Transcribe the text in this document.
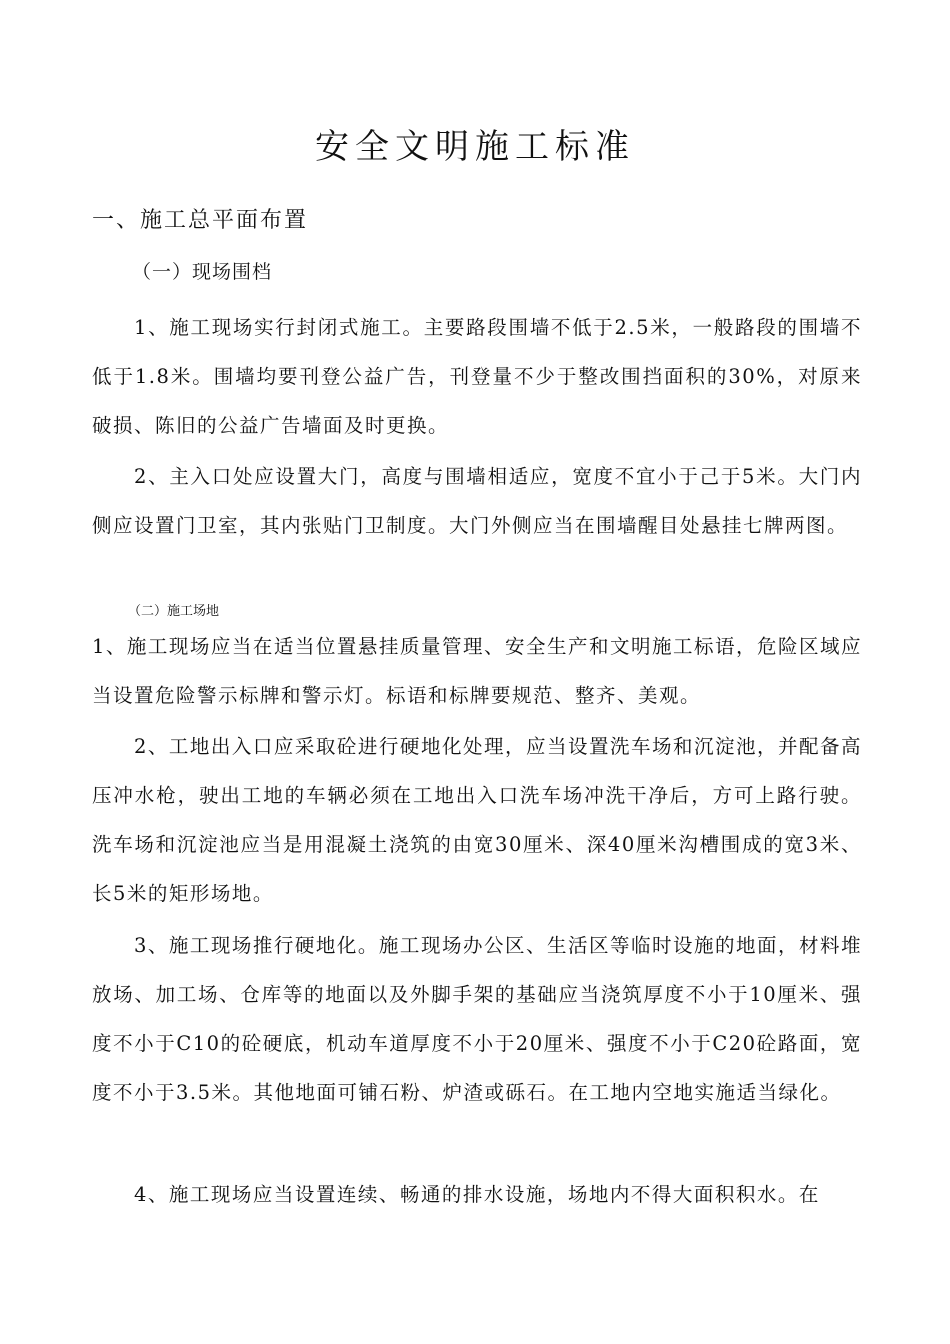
安全文明施工标准
一、施工总平面布置
（一）现场围档

1、施工现场实行封闭式施工。主要路段围墙不低于2.5米，一般路段的围墙不低于1.8米。围墙均要刊登公益广告，刊登量不少于整改围挡面积的30%，对原来破损、陈旧的公益广告墙面及时更换。

2、主入口处应设置大门，高度与围墙相适应，宽度不宜小于己于5米。大门内侧应设置门卫室，其内张贴门卫制度。大门外侧应当在围墙醒目处悬挂七牌两图。

（二）施工场地

1、施工现场应当在适当位置悬挂质量管理、安全生产和文明施工标语，危险区域应当设置危险警示标牌和警示灯。标语和标牌要规范、整齐、美观。

2、工地出入口应采取砼进行硬地化处理，应当设置洗车场和沉淀池，并配备高压冲水枪，驶出工地的车辆必须在工地出入口洗车场冲洗干净后，方可上路行驶。洗车场和沉淀池应当是用混凝土浇筑的由宽30厘米、深40厘米沟槽围成的宽3米、长5米的矩形场地。

3、施工现场推行硬地化。施工现场办公区、生活区等临时设施的地面，材料堆放场、加工场、仓库等的地面以及外脚手架的基础应当浇筑厚度不小于10厘米、强度不小于C10的砼硬底，机动车道厚度不小于20厘米、强度不小于C20砼路面，宽度不小于3.5米。其他地面可铺石粉、炉渣或砾石。在工地内空地实施适当绿化。

4、施工现场应当设置连续、畅通的排水设施，场地内不得大面积积水。在
